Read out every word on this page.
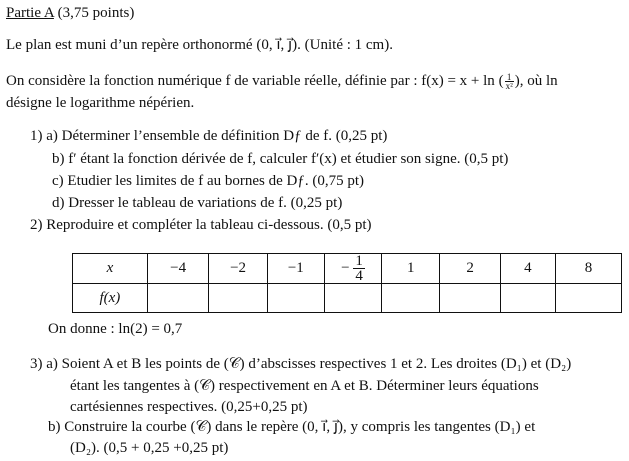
Partie A (3,75 points)
Le plan est muni d’un repère orthonormé (0, ı⃗, ȷ⃗). (Unité : 1 cm).
On considère la fonction numérique f de variable réelle, définie par : f(x) = x + ln ( $\frac{1}{\text{x²}}$ ), où ln
désigne le logarithme népérien.
1) a) Déterminer l’ensemble de définition Dƒ de f. (0,25 pt)
b) f′ étant la fonction dérivée de f, calculer f′(x) et étudier son signe. (0,5 pt)
c) Etudier les limites de f au bornes de Dƒ. (0,75 pt)
d) Dresser le tableau de variations de f. (0,25 pt)
2) Reproduire et compléter la tableau ci-dessous. (0,5 pt)
x	−4	−2	−1	− $\frac{1}{4}$	1	2	4	8
f(x)								
On donne : ln(2) = 0,7
3) a) Soient A et B les points de (𝒞) d’abscisses respectives 1 et 2. Les droites (D₁) et (D₂)
étant les tangentes à (𝒞) respectivement en A et B. Déterminer leurs équations
cartésiennes respectives. (0,25+0,25 pt)
b) Construire la courbe (𝒞) dans le repère (0, ı⃗, ȷ⃗), y compris les tangentes (D₁) et
(D₂). (0,5 + 0,25 +0,25 pt)
